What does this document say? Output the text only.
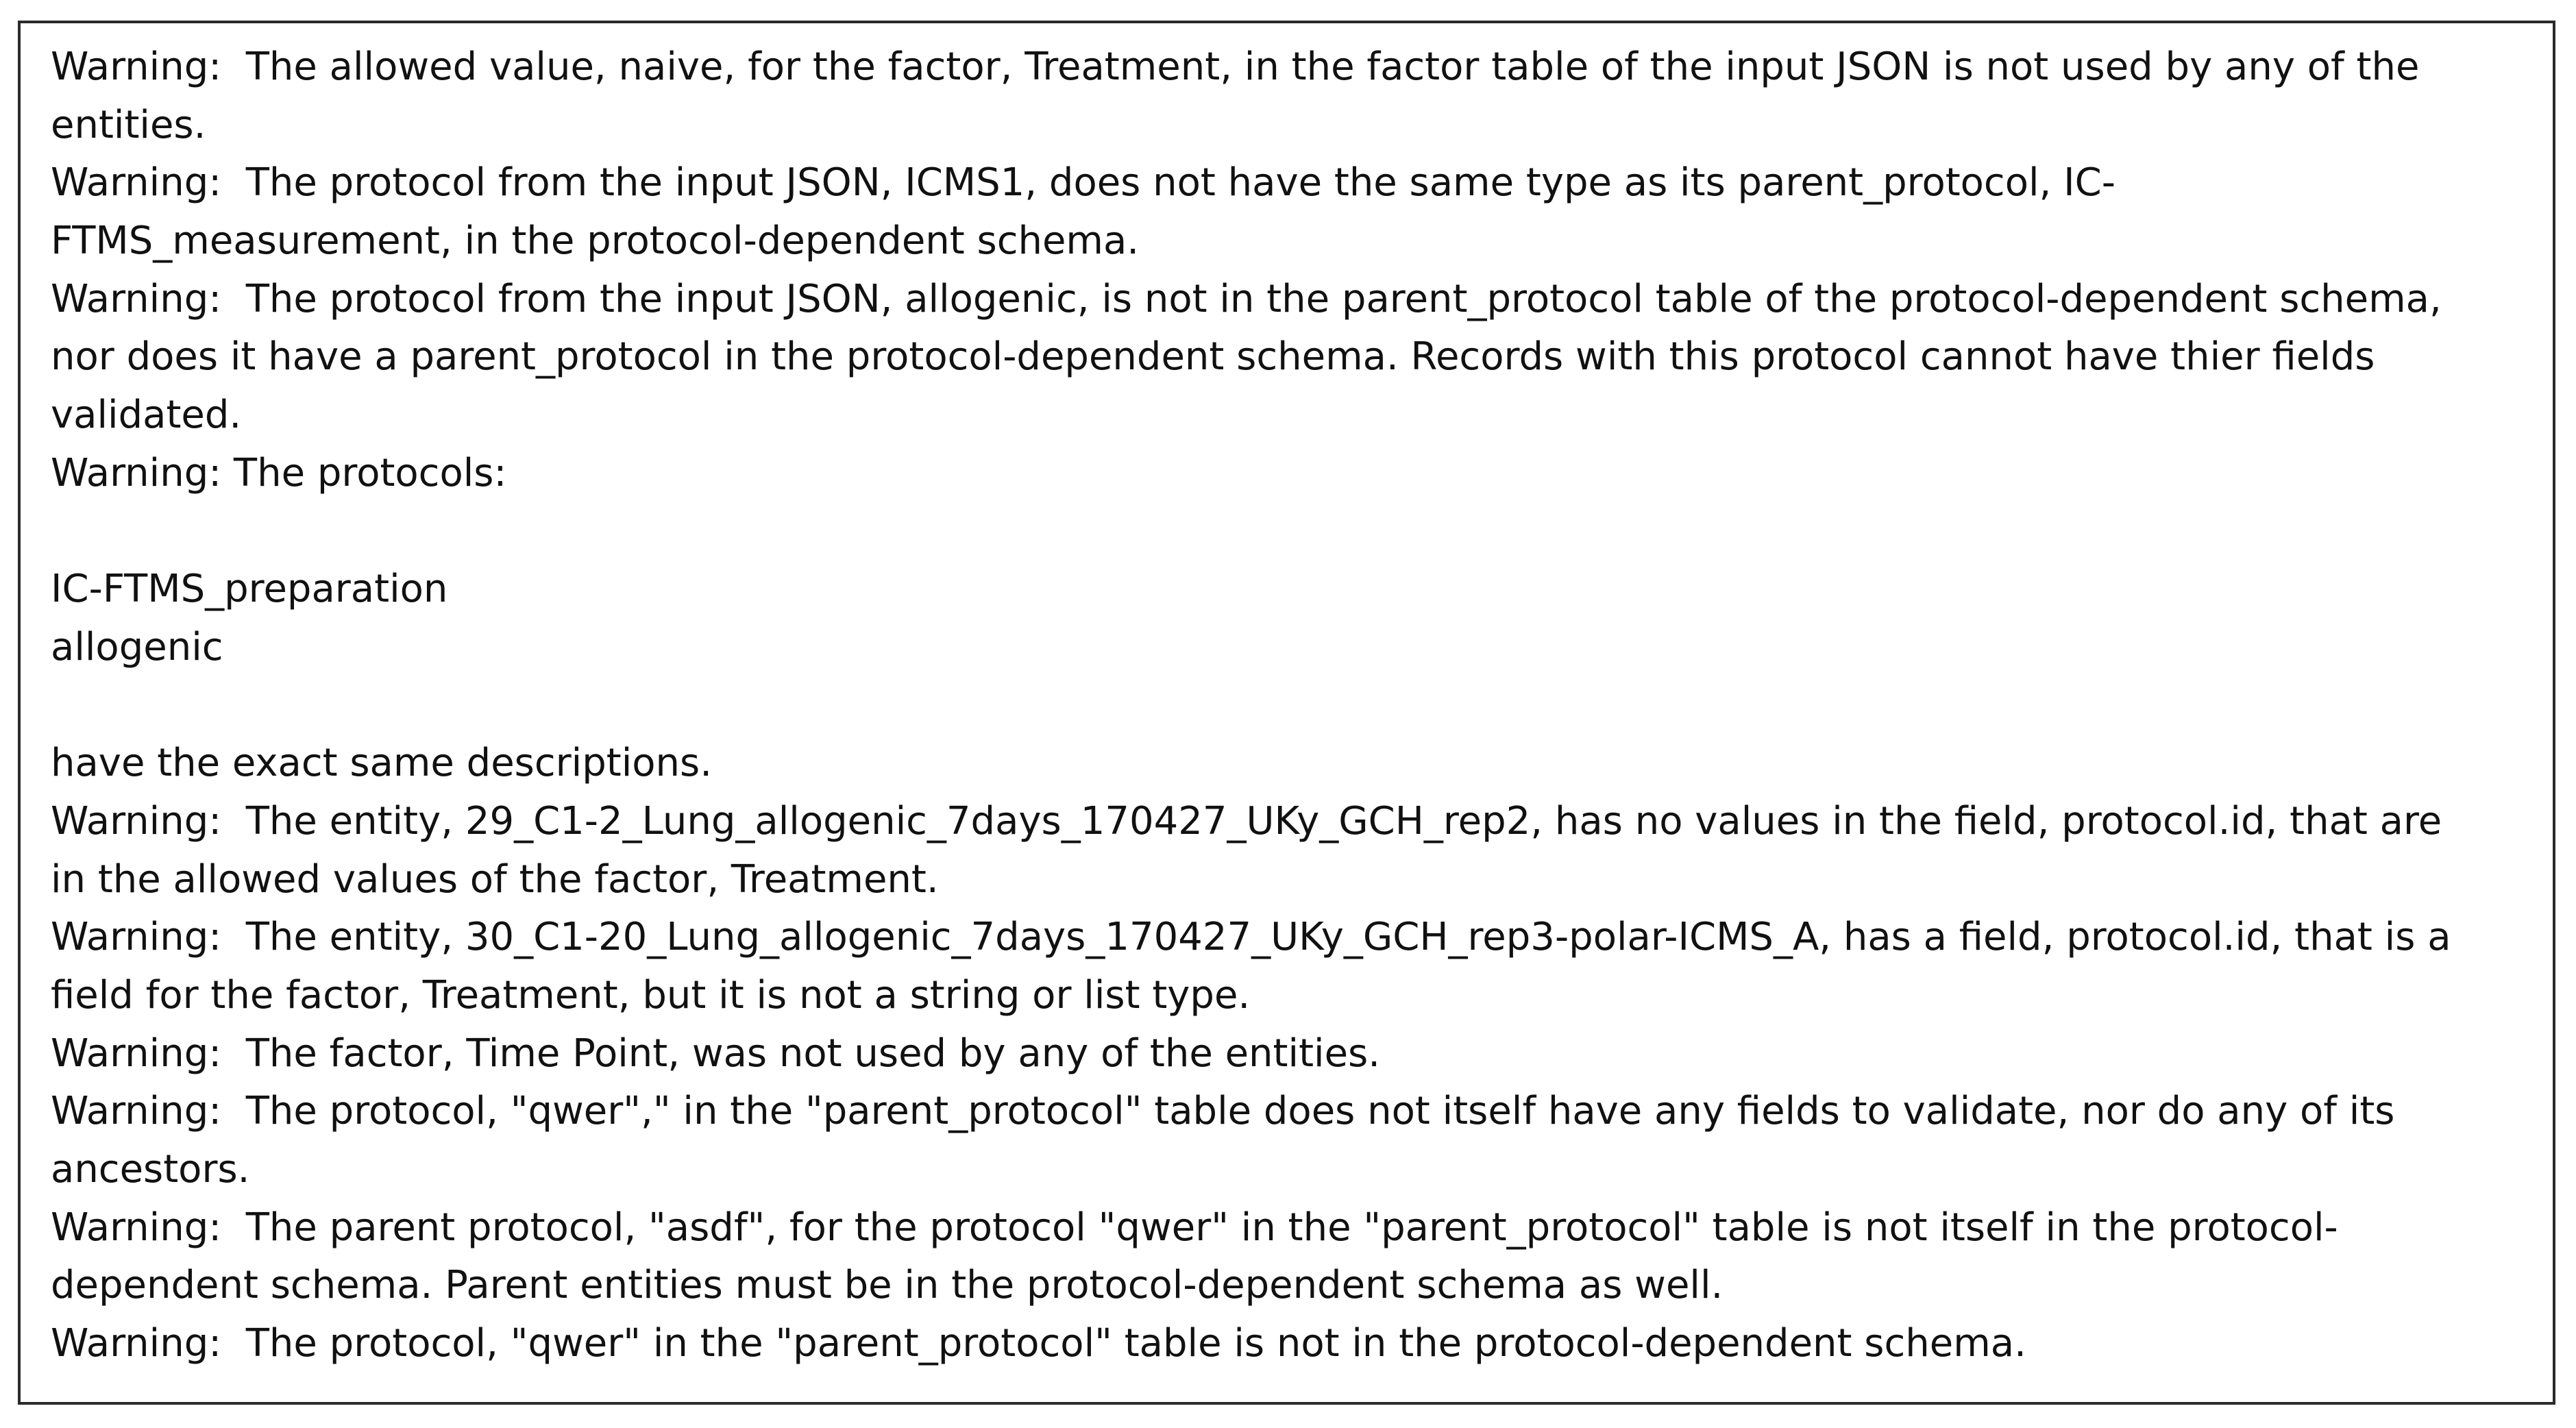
Warning:  The allowed value, naive, for the factor, Treatment, in the factor table of the input JSON is not used by any of the
entities.
Warning:  The protocol from the input JSON, ICMS1, does not have the same type as its parent_protocol, IC-
FTMS_measurement, in the protocol-dependent schema.
Warning:  The protocol from the input JSON, allogenic, is not in the parent_protocol table of the protocol-dependent schema,
nor does it have a parent_protocol in the protocol-dependent schema. Records with this protocol cannot have thier fields
validated.
Warning: The protocols:
IC-FTMS_preparation
allogenic
have the exact same descriptions.
Warning:  The entity, 29_C1-2_Lung_allogenic_7days_170427_UKy_GCH_rep2, has no values in the field, protocol.id, that are
in the allowed values of the factor, Treatment.
Warning:  The entity, 30_C1-20_Lung_allogenic_7days_170427_UKy_GCH_rep3-polar-ICMS_A, has a field, protocol.id, that is a
field for the factor, Treatment, but it is not a string or list type.
Warning:  The factor, Time Point, was not used by any of the entities.
Warning:  The protocol, "qwer"," in the "parent_protocol" table does not itself have any fields to validate, nor do any of its
ancestors.
Warning:  The parent protocol, "asdf", for the protocol "qwer" in the "parent_protocol" table is not itself in the protocol-
dependent schema. Parent entities must be in the protocol-dependent schema as well.
Warning:  The protocol, "qwer" in the "parent_protocol" table is not in the protocol-dependent schema.
